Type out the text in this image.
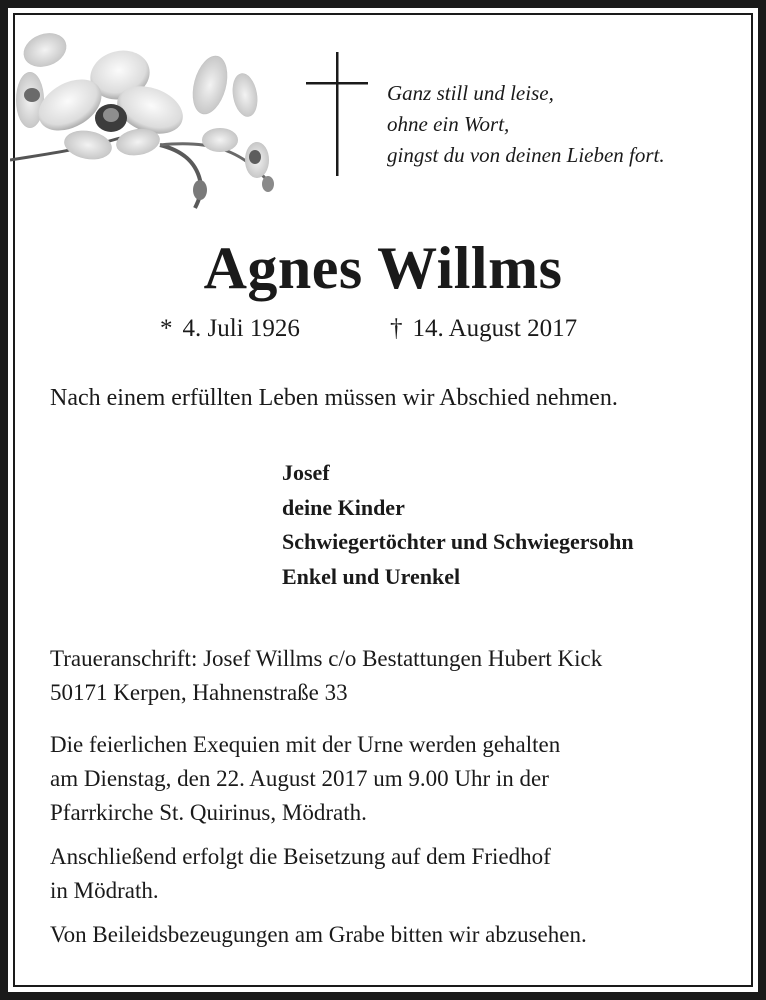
Ganz still und leise,
ohne ein Wort,
gingst du von deinen Lieben fort.
Agnes Willms
* 4. Juli 1926	† 14. August 2017
Nach einem erfüllten Leben müssen wir Abschied nehmen.
Josef
deine Kinder
Schwiegertöchter und Schwiegersohn
Enkel und Urenkel
Traueranschrift: Josef Willms c/o Bestattungen Hubert Kick
50171 Kerpen, Hahnenstraße 33
Die feierlichen Exequien mit der Urne werden gehalten
am Dienstag, den 22. August 2017 um 9.00 Uhr in der
Pfarrkirche St. Quirinus, Mödrath.
Anschließend erfolgt die Beisetzung auf dem Friedhof
in Mödrath.
Von Beileidsbezeugungen am Grabe bitten wir abzusehen.
